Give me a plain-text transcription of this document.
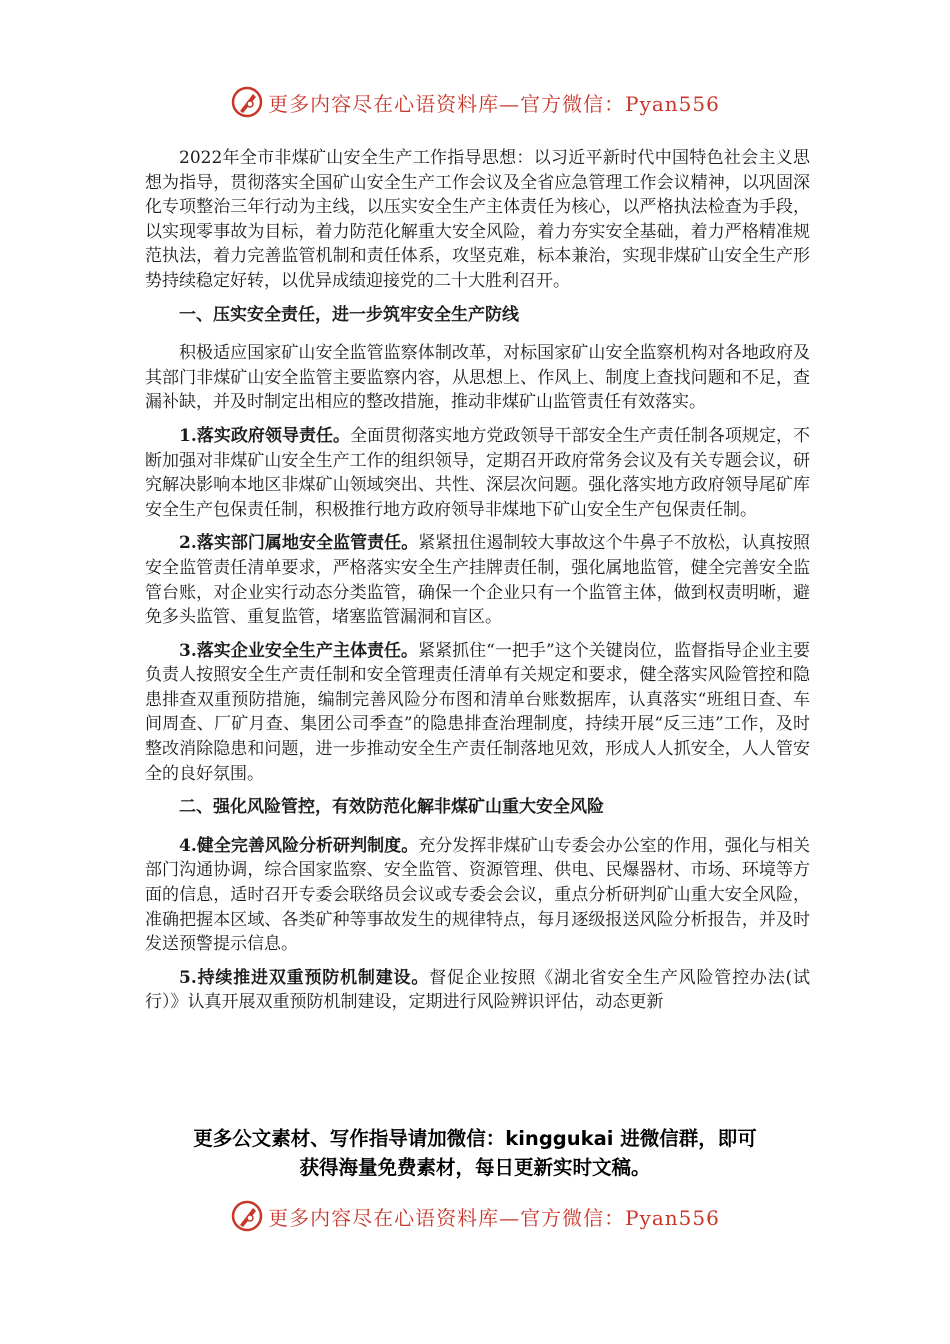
更多内容尽在心语资料库—官方微信：Pyan556

2022年全市非煤矿山安全生产工作指导思想：以习近平新时代中国特色社会主义思想为指导，贯彻落实全国矿山安全生产工作会议及全省应急管理工作会议精神，以巩固深化专项整治三年行动为主线，以压实安全生产主体责任为核心，以严格执法检查为手段，以实现零事故为目标，着力防范化解重大安全风险，着力夯实安全基础，着力严格精准规范执法，着力完善监管机制和责任体系，攻坚克难，标本兼治，实现非煤矿山安全生产形势持续稳定好转，以优异成绩迎接党的二十大胜利召开。

一、压实安全责任，进一步筑牢安全生产防线

积极适应国家矿山安全监管监察体制改革，对标国家矿山安全监察机构对各地政府及其部门非煤矿山安全监管主要监察内容，从思想上、作风上、制度上查找问题和不足，查漏补缺，并及时制定出相应的整改措施，推动非煤矿山监管责任有效落实。

1.落实政府领导责任。全面贯彻落实地方党政领导干部安全生产责任制各项规定，不断加强对非煤矿山安全生产工作的组织领导，定期召开政府常务会议及有关专题会议，研究解决影响本地区非煤矿山领域突出、共性、深层次问题。强化落实地方政府领导尾矿库安全生产包保责任制，积极推行地方政府领导非煤地下矿山安全生产包保责任制。

2.落实部门属地安全监管责任。紧紧扭住遏制较大事故这个牛鼻子不放松，认真按照安全监管责任清单要求，严格落实安全生产挂牌责任制，强化属地监管，健全完善安全监管台账，对企业实行动态分类监管，确保一个企业只有一个监管主体，做到权责明晰，避免多头监管、重复监管，堵塞监管漏洞和盲区。

3.落实企业安全生产主体责任。紧紧抓住“一把手”这个关键岗位，监督指导企业主要负责人按照安全生产责任制和安全管理责任清单有关规定和要求，健全落实风险管控和隐患排查双重预防措施，编制完善风险分布图和清单台账数据库，认真落实“班组日查、车间周查、厂矿月查、集团公司季查”的隐患排查治理制度，持续开展“反三违”工作，及时整改消除隐患和问题，进一步推动安全生产责任制落地见效，形成人人抓安全，人人管安全的良好氛围。

二、强化风险管控，有效防范化解非煤矿山重大安全风险

4.健全完善风险分析研判制度。充分发挥非煤矿山专委会办公室的作用，强化与相关部门沟通协调，综合国家监察、安全监管、资源管理、供电、民爆器材、市场、环境等方面的信息，适时召开专委会联络员会议或专委会会议，重点分析研判矿山重大安全风险，准确把握本区域、各类矿种等事故发生的规律特点，每月逐级报送风险分析报告，并及时发送预警提示信息。

5.持续推进双重预防机制建设。督促企业按照《湖北省安全生产风险管控办法(试行）》认真开展双重预防机制建设，定期进行风险辨识评估，动态更新

更多公文素材、写作指导请加微信：kinggukai 进微信群，即可
获得海量免费素材，每日更新实时文稿。
更多内容尽在心语资料库—官方微信：Pyan556
